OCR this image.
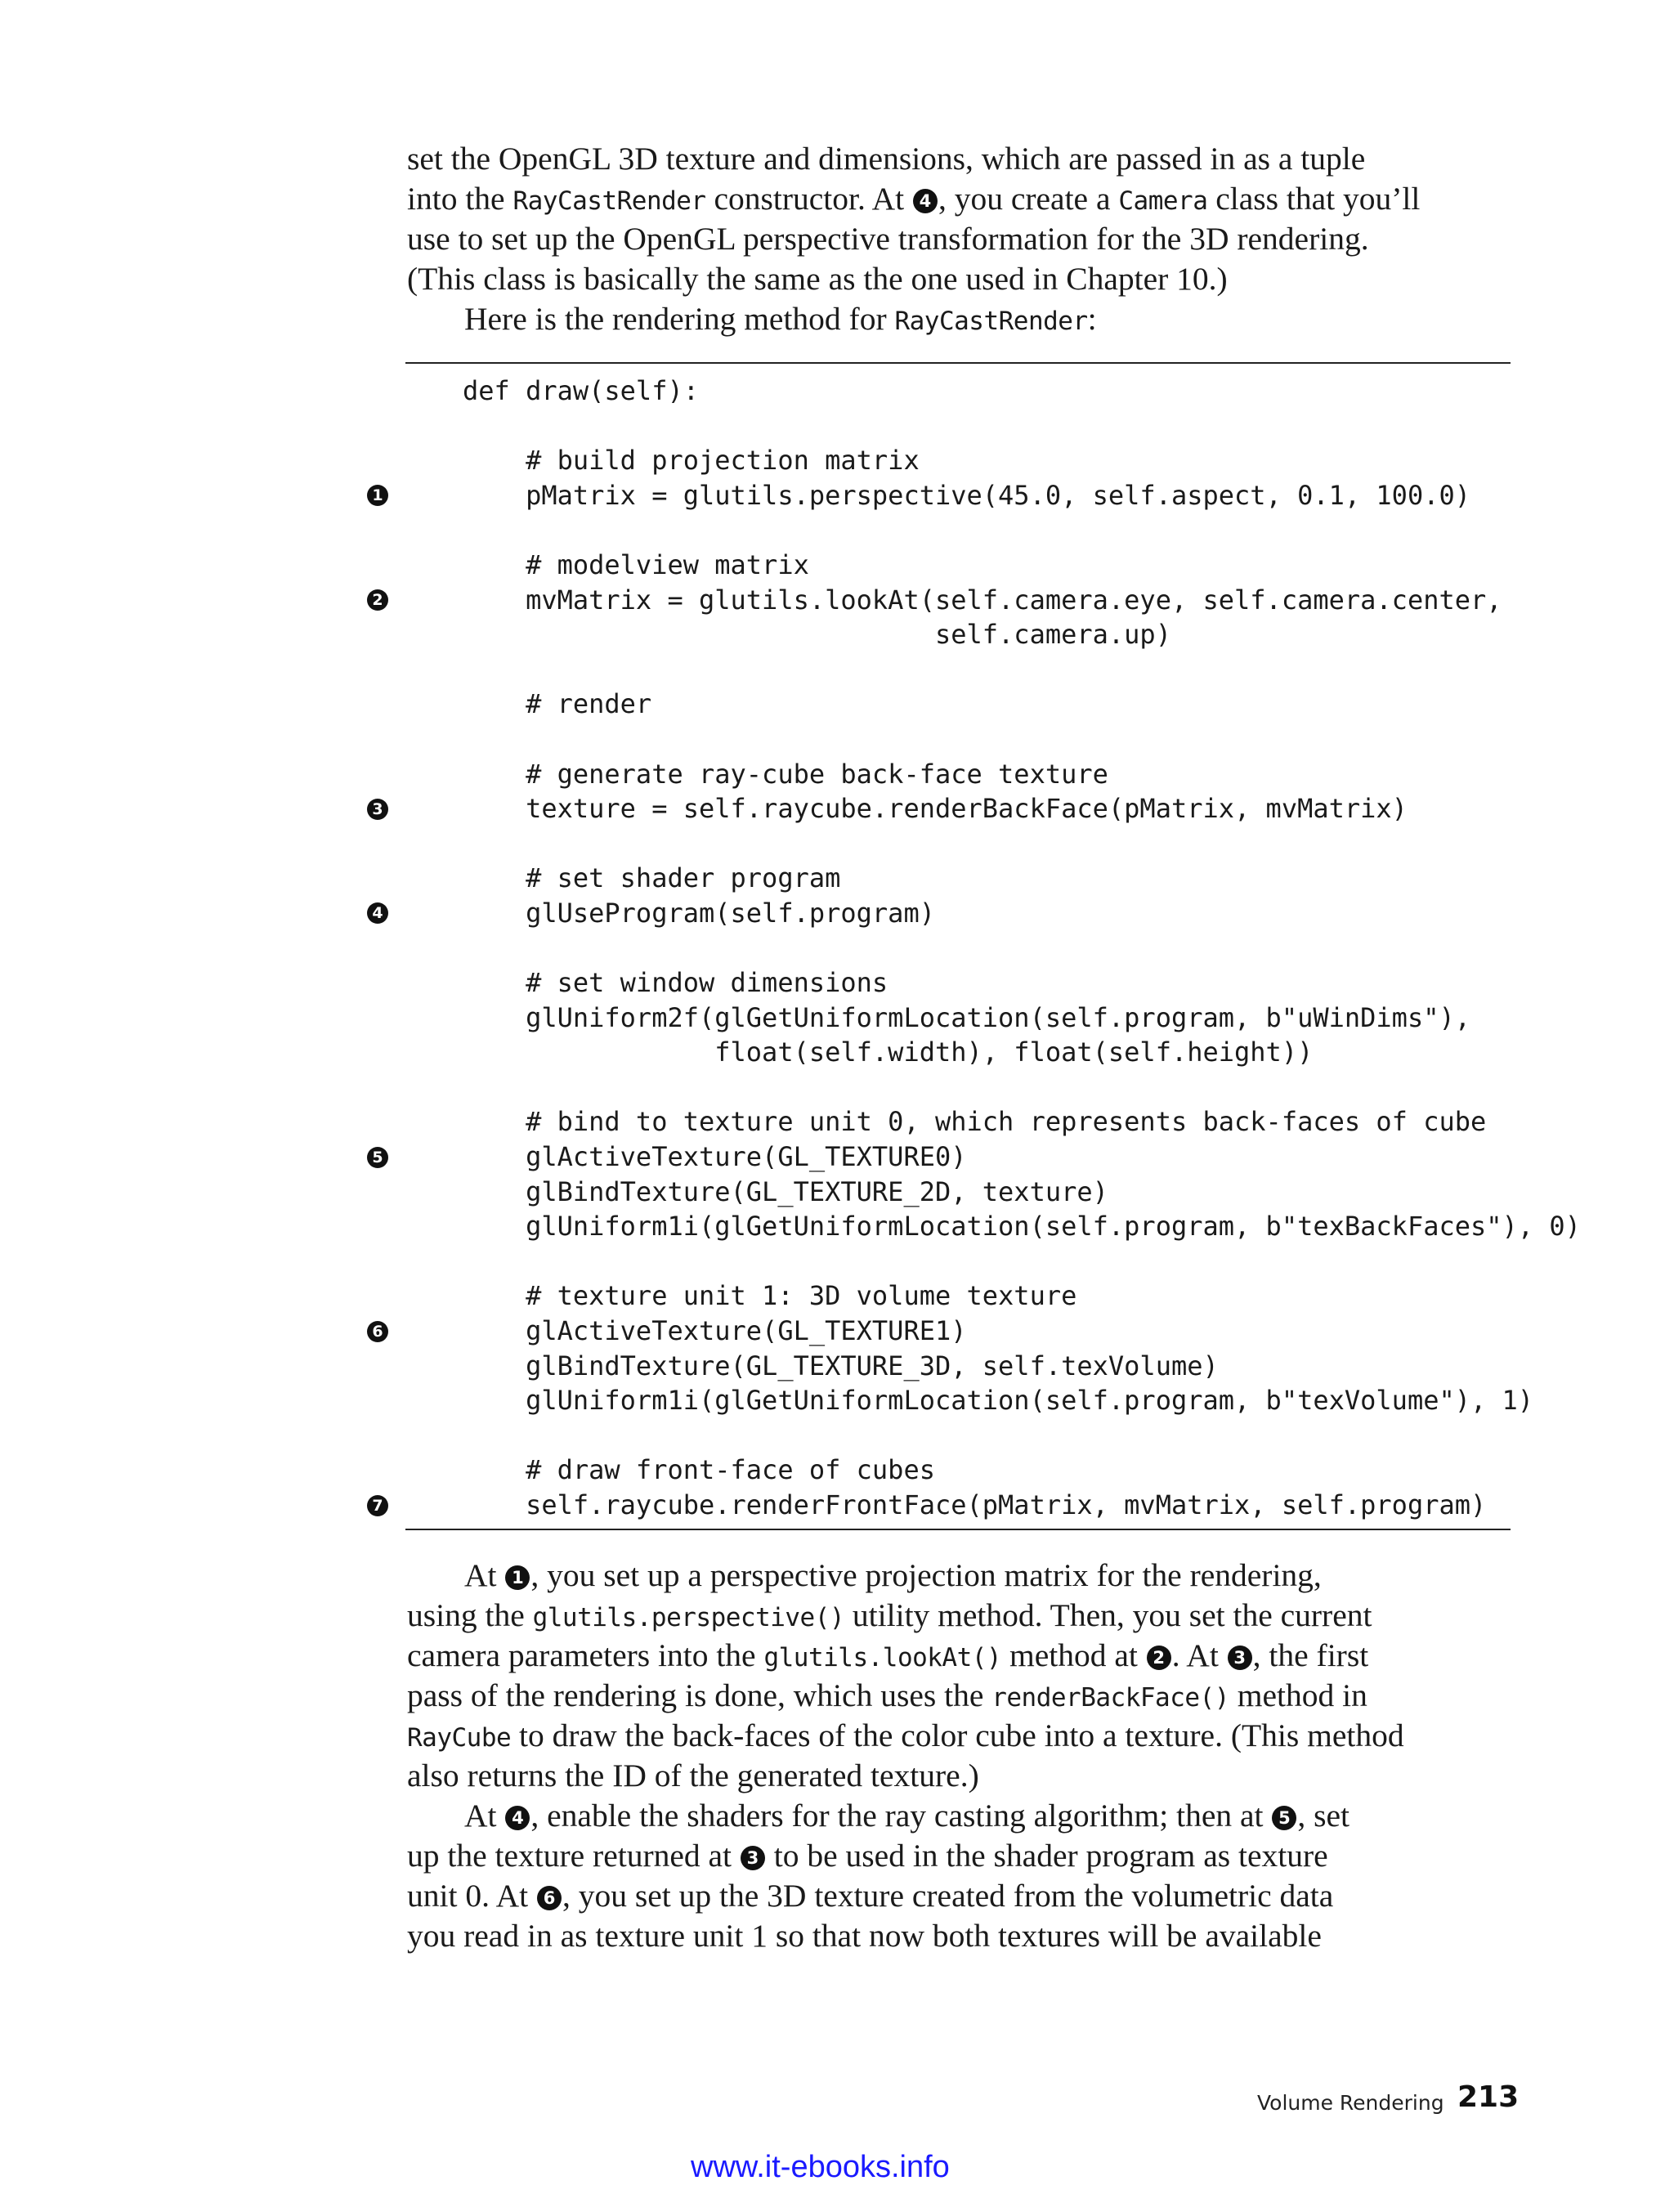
set the OpenGL 3D texture and dimensions, which are passed in as a tuple

into the RayCastRender constructor. At 4 , you create a Camera class that you’ll

use to set up the OpenGL perspective transformation for the 3D rendering.

(This class is basically the same as the one used in Chapter 10.)

Here is the rendering method for RayCastRender:

def draw(self):
# build projection matrix
pMatrix = glutils.perspective(45.0, self.aspect, 0.1, 100.0)
# modelview matrix
mvMatrix = glutils.lookAt(self.camera.eye, self.camera.center,
self.camera.up)
# render
# generate ray-cube back-face texture
texture = self.raycube.renderBackFace(pMatrix, mvMatrix)
# set shader program
glUseProgram(self.program)
# set window dimensions
glUniform2f(glGetUniformLocation(self.program, b"uWinDims"),
float(self.width), float(self.height))
# bind to texture unit 0, which represents back-faces of cube
glActiveTexture(GL_TEXTURE0)
glBindTexture(GL_TEXTURE_2D, texture)
glUniform1i(glGetUniformLocation(self.program, b"texBackFaces"), 0)
# texture unit 1: 3D volume texture
glActiveTexture(GL_TEXTURE1)
glBindTexture(GL_TEXTURE_3D, self.texVolume)
glUniform1i(glGetUniformLocation(self.program, b"texVolume"), 1)
# draw front-face of cubes
self.raycube.renderFrontFace(pMatrix, mvMatrix, self.program)
1
2
3
4
5
6
7

At 1 , you set up a perspective projection matrix for the rendering,

using the glutils.perspective() utility method. Then, you set the current

camera parameters into the glutils.lookAt() method at 2 . At 3 , the first

pass of the rendering is done, which uses the renderBackFace() method in

RayCube to draw the back-faces of the color cube into a texture. (This method

also returns the ID of the generated texture.)

At 4 , enable the shaders for the ray casting algorithm; then at 5 , set

up the texture returned at 3 to be used in the shader program as texture

unit 0. At 6 , you set up the 3D texture created from the volumetric data

you read in as texture unit 1 so that now both textures will be available

Volume Rendering 213
www.it-ebooks.info
